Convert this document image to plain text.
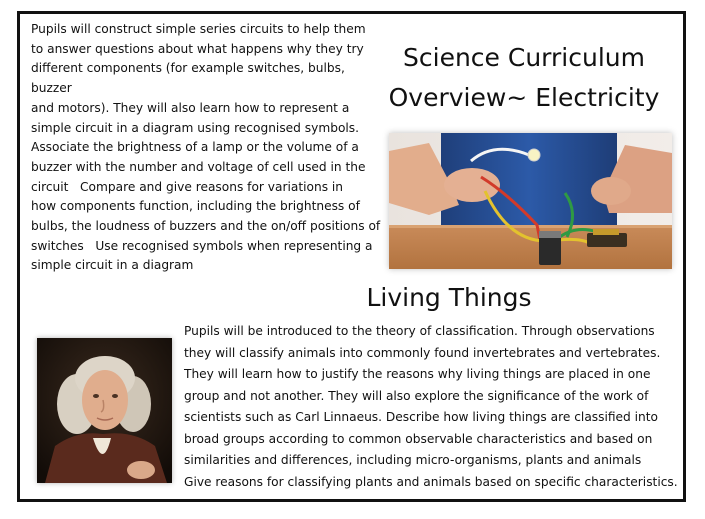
Pupils will construct simple series circuits to help them
to answer questions about what happens why they try
different components (for example switches, bulbs, buzzer
and motors). They will also learn how to represent a
simple circuit in a diagram using recognised symbols.
Associate the brightness of a lamp or the volume of a
buzzer with the number and voltage of cell used in the
circuit   Compare and give reasons for variations in
how components function, including the brightness of
bulbs, the loudness of buzzers and the on/off positions of
switches   Use recognised symbols when representing a
simple circuit in a diagram

Science Curriculum
Overview~ Electricity
Living Things

Pupils will be introduced to the theory of classification. Through observations
they will classify animals into commonly found invertebrates and vertebrates.
They will learn how to justify the reasons why living things are placed in one
group and not another. They will also explore the significance of the work of
scientists such as Carl Linnaeus. Describe how living things are classified into
broad groups according to common observable characteristics and based on
similarities and differences, including micro-organisms, plants and animals
Give reasons for classifying plants and animals based on specific characteristics.
